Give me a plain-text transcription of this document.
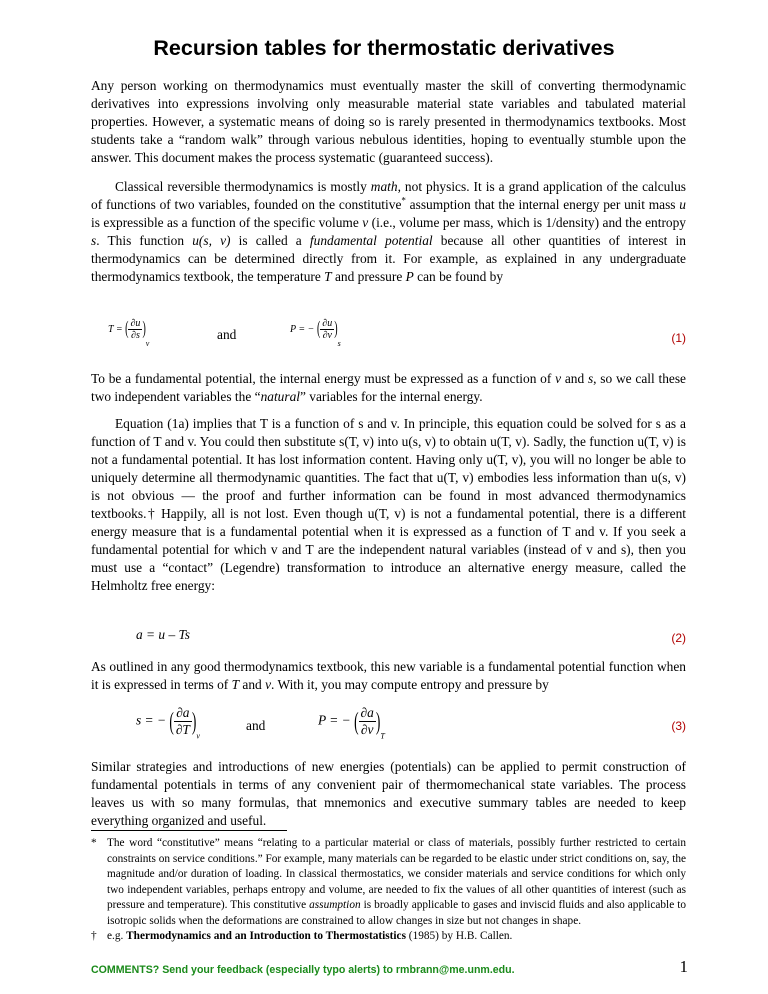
Recursion tables for thermostatic derivatives

Any person working on thermodynamics must eventually master the skill of converting thermodynamic derivatives into expressions involving only measurable material state variables and tabulated material properties. However, a systematic means of doing so is rarely presented in thermodynamics textbooks. Most students take a “random walk” through various nebulous identities, hoping to eventually stumble upon the answer. This document makes the process systematic (guaranteed success).

Classical reversible thermodynamics is mostly math, not physics. It is a grand application of the calculus of functions of two variables, founded on the constitutive* assumption that the internal energy per unit mass u is expressible as a function of the specific volume v (i.e., volume per mass, which is 1/density) and the entropy s. This function u(s, v) is called a fundamental potential because all other quantities of interest in thermodynamics can be determined directly from it. For example, as explained in any undergraduate thermodynamics textbook, the temperature T and pressure P can be found by

T = ( $\frac{\partial u}{\partial s} )_v$
and	P = − ( $\frac{\partial u}{\partial v} )_s$	(1)

To be a fundamental potential, the internal energy must be expressed as a function of v and s, so we call these two independent variables the “natural” variables for the internal energy.

Equation (1a) implies that T is a function of s and v. In principle, this equation could be solved for s as a function of T and v. You could then substitute s(T, v) into u(s, v) to obtain u(T, v). Sadly, the function u(T, v) is not a fundamental potential. It has lost information content. Having only u(T, v), you will no longer be able to uniquely determine all thermodynamic quantities. The fact that u(T, v) embodies less information than u(s, v) is not obvious — the proof and further information can be found in most advanced thermodynamics textbooks.† Happily, all is not lost. Even though u(T, v) is not a fundamental potential, there is a different energy measure that is a fundamental potential when it is expressed as a function of T and v. If you seek a fundamental potential for which v and T are the independent natural variables (instead of v and s), then you must use a “contact” (Legendre) transformation to introduce an alternative energy measure, called the Helmholtz free energy:

a = u – Ts	(2)

As outlined in any good thermodynamics textbook, this new variable is a fundamental potential function when it is expressed in terms of T and v. With it, you may compute entropy and pressure by

s = − ( $\frac{\partial a}{\partial T} )_v$
and	P = − ( $\frac{\partial a}{\partial v} )_T$
(3)

Similar strategies and introductions of new energies (potentials) can be applied to permit construction of fundamental potentials in terms of any convenient pair of thermomechanical state variables. The process leaves us with so many formulas, that mnemonics and executive summary tables are needed to keep everything organized and useful.

* The word “constitutive” means “relating to a particular material or class of materials, possibly further restricted to certain constraints on service conditions.” For example, many materials can be regarded to be elastic under strict conditions on, say, the magnitude and/or duration of loading. In classical thermostatics, we consider materials and service conditions for which only two independent variables, perhaps entropy and volume, are needed to fix the values of all other quantities of interest (such as pressure and temperature). This constitutive assumption is broadly applicable to gases and inviscid fluids and also applicable to isotropic solids when the deformations are constrained to allow changes in size but not changes in shape.

† e.g. Thermodynamics and an Introduction to Thermostatistics (1985) by H.B. Callen.

COMMENTS? Send your feedback (especially typo alerts) to rmbrann@me.unm.edu.	1
